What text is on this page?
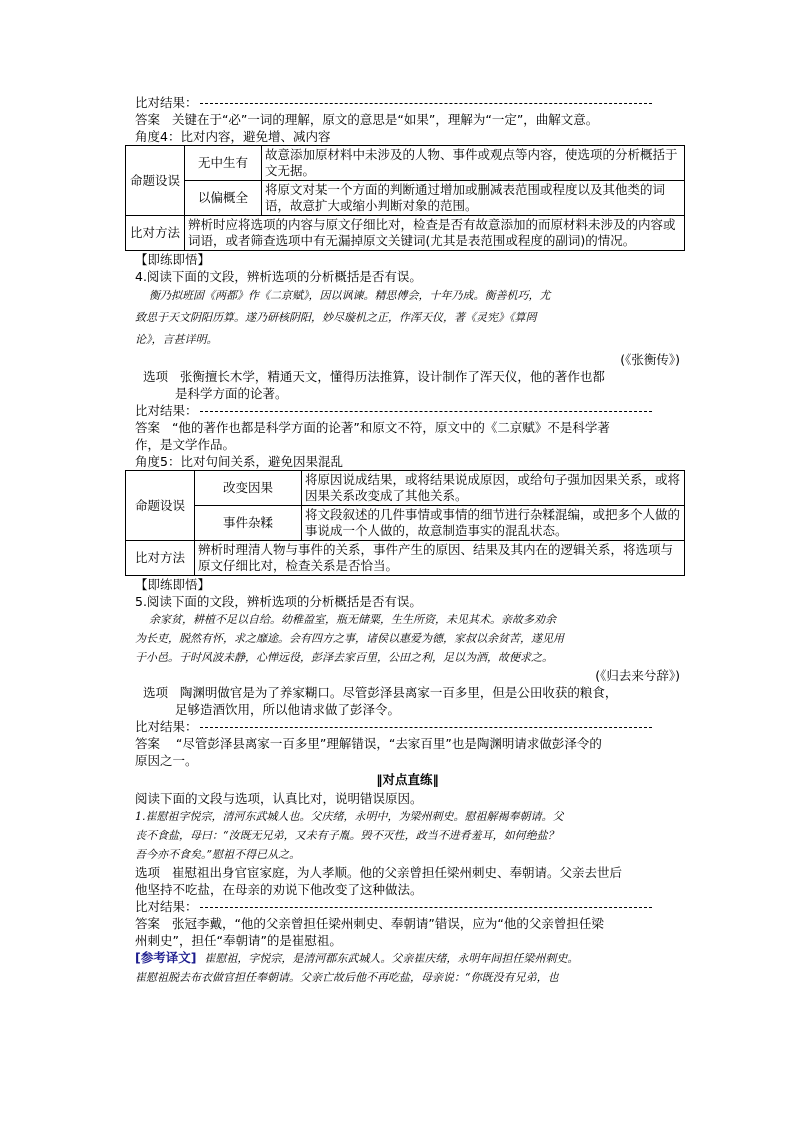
比对结果：
答案 关键在于“必”一词的理解，原文的意思是“如果”，理解为“一定”，曲解文意。
角度4：比对内容，避免增、减内容
命题设误	无中生有	故意添加原材料中未涉及的人物、事件或观点等内容，使选项的分析概括于文无据。
	以偏概全	将原文对某一个方面的判断通过增加或删减表范围或程度以及其他类的词语，故意扩大或缩小判断对象的范围。
比对方法	辨析时应将选项的内容与原文仔细比对，检查是否有故意添加的而原材料未涉及的内容或词语，或者筛查选项中有无漏掉原文关键词(尤其是表范围或程度的副词)的情况。	
【即练即悟】
4.阅读下面的文段，辨析选项的分析概括是否有误。
衡乃拟班固《两都》作《二京赋》，因以讽谏。精思傅会，十年乃成。衡善机巧，尤
致思于天文阴阳历算。遂乃研核阴阳，妙尽璇机之正，作浑天仪，著《灵宪》《算罔
论》，言甚详明。
(《张衡传》)
选项 张衡擅长木学，精通天文，懂得历法推算，设计制作了浑天仪，他的著作也都
是科学方面的论著。
比对结果：
答案 “他的著作也都是科学方面的论著”和原文不符，原文中的《二京赋》不是科学著
作，是文学作品。
角度5：比对句间关系，避免因果混乱
命题设误	改变因果	将原因说成结果，或将结果说成原因，或给句子强加因果关系，或将因果关系改变成了其他关系。
	事件杂糅	将文段叙述的几件事情或事情的细节进行杂糅混编，或把多个人做的事说成一个人做的，故意制造事实的混乱状态。
比对方法	辨析时理清人物与事件的关系，事件产生的原因、结果及其内在的逻辑关系，将选项与原文仔细比对，检查关系是否恰当。	
【即练即悟】
5.阅读下面的文段，辨析选项的分析概括是否有误。
余家贫，耕植不足以自给。幼稚盈室，瓶无储粟，生生所资，未见其术。亲故多劝余
为长吏，脱然有怀，求之靡途。会有四方之事，诸侯以惠爱为德，家叔以余贫苦，遂见用
于小邑。于时风波未静，心惮远役，彭泽去家百里，公田之利，足以为酒，故便求之。
(《归去来兮辞》)
选项 陶渊明做官是为了养家糊口。尽管彭泽县离家一百多里，但是公田收获的粮食，
足够造酒饮用，所以他请求做了彭泽令。
比对结果：
答案 “尽管彭泽县离家一百多里”理解错误，“去家百里”也是陶渊明请求做彭泽令的
原因之一。
‖对点直练‖
阅读下面的文段与选项，认真比对，说明错误原因。
1.崔慰祖字悦宗，清河东武城人也。父庆绪，永明中，为梁州刺史。慰祖解褐奉朝请。父
丧不食盐，母曰：“汝既无兄弟，又未有子胤。毁不灭性，政当不进肴羞耳，如何绝盐？
吾今亦不食矣。”慰祖不得已从之。
选项 崔慰祖出身官宦家庭，为人孝顺。他的父亲曾担任梁州刺史、奉朝请。父亲去世后
他坚持不吃盐，在母亲的劝说下他改变了这种做法。
比对结果：
答案 张冠李戴，“他的父亲曾担任梁州刺史、奉朝请”错误，应为“他的父亲曾担任梁
州刺史”，担任“奉朝请”的是崔慰祖。
[参考译文] 崔慰祖，字悦宗，是清河郡东武城人。父亲崔庆绪，永明年间担任梁州刺史。
崔慰祖脱去布衣做官担任奉朝请。父亲亡故后他不再吃盐，母亲说：“你既没有兄弟，也
